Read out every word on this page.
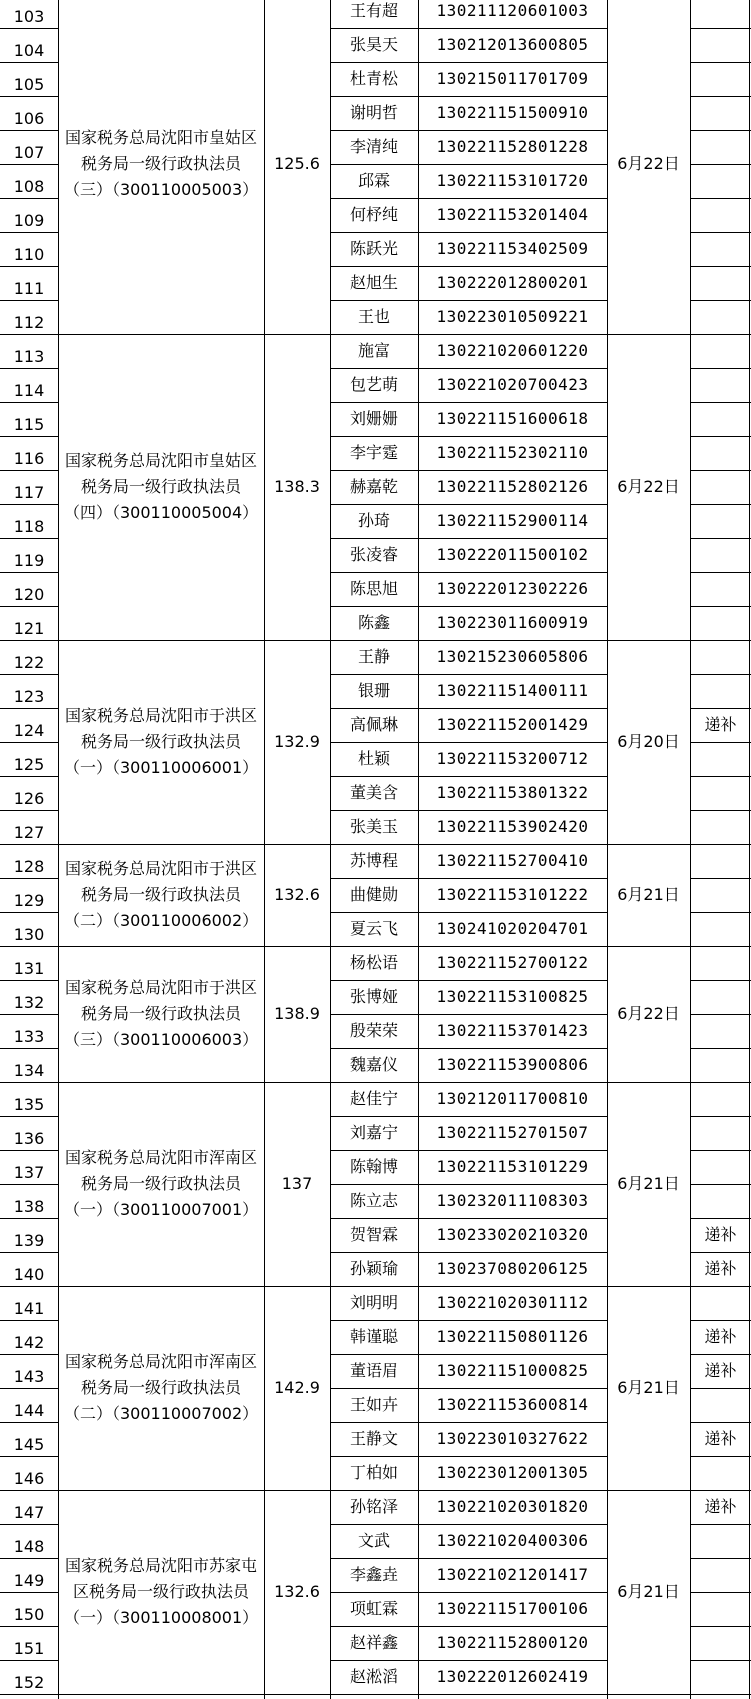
103	王有超 130211120601003
104	张昊天 130212013600805
105	杜青松 130215011701709
106	谢明哲 130221151500910
107	李清纯 130221152801228
108	邱霖	130221153101720
109	何杼纯 130221153201404
110	陈跃光 130221153402509
111	赵旭生 130222012800201
112	王也	130223010509221
国家税务总局沈阳市皇姑区税务局一级行政执法员（三）（300110005003）
125.6	6月22日
113	施富	130221020601220
114	包艺萌 130221020700423
115	刘姗姗 130221151600618
116	李宇霆 130221152302110
117	赫嘉乾 130221152802126
118	孙琦	130221152900114
119	张凌睿 130222011500102
120	陈思旭 130222012302226
121	陈鑫	130223011600919
国家税务总局沈阳市皇姑区税务局一级行政执法员（四）（300110005004）
138.3	6月22日
122	王静	130215230605806
123	银珊	130221151400111
124	高佩琳 130221152001429	递补
125	杜颖	130221153200712
126	董美含 130221153801322
127	张美玉 130221153902420
国家税务总局沈阳市于洪区税务局一级行政执法员（一）（300110006001）
132.9	6月20日
128	苏博程 130221152700410
129	曲健勋 130221153101222
130	夏云飞 130241020204701
国家税务总局沈阳市于洪区税务局一级行政执法员（二）（300110006002）
132.6	6月21日
131	杨松语 130221152700122
132	张博娅 130221153100825
133	殷荣荣 130221153701423
134	魏嘉仪 130221153900806
国家税务总局沈阳市于洪区税务局一级行政执法员（三）（300110006003）
138.9	6月22日
135	赵佳宁 130212011700810
136	刘嘉宁 130221152701507
137	陈翰博 130221153101229
138	陈立志 130232011108303
139	贺智霖 130233020210320	递补
140	孙颖瑜 130237080206125	递补
国家税务总局沈阳市浑南区税务局一级行政执法员（一）（300110007001）
137	6月21日
141	刘明明 130221020301112
142	韩谨聪 130221150801126	递补
143	董语眉 130221151000825	递补
144	王如卉 130221153600814
145	王静文 130223010327622	递补
146	丁柏如 130223012001305
国家税务总局沈阳市浑南区税务局一级行政执法员（二）（300110007002）
142.9	6月21日
147	孙铭泽 130221020301820	递补
148	文武	130221020400306
149	李鑫垚 130221021201417
150	项虹霖 130221151700106
151	赵祥鑫 130221152800120
152	赵淞滔 130222012602419
国家税务总局沈阳市苏家屯区税务局一级行政执法员（一）（300110008001）
132.6	6月21日
